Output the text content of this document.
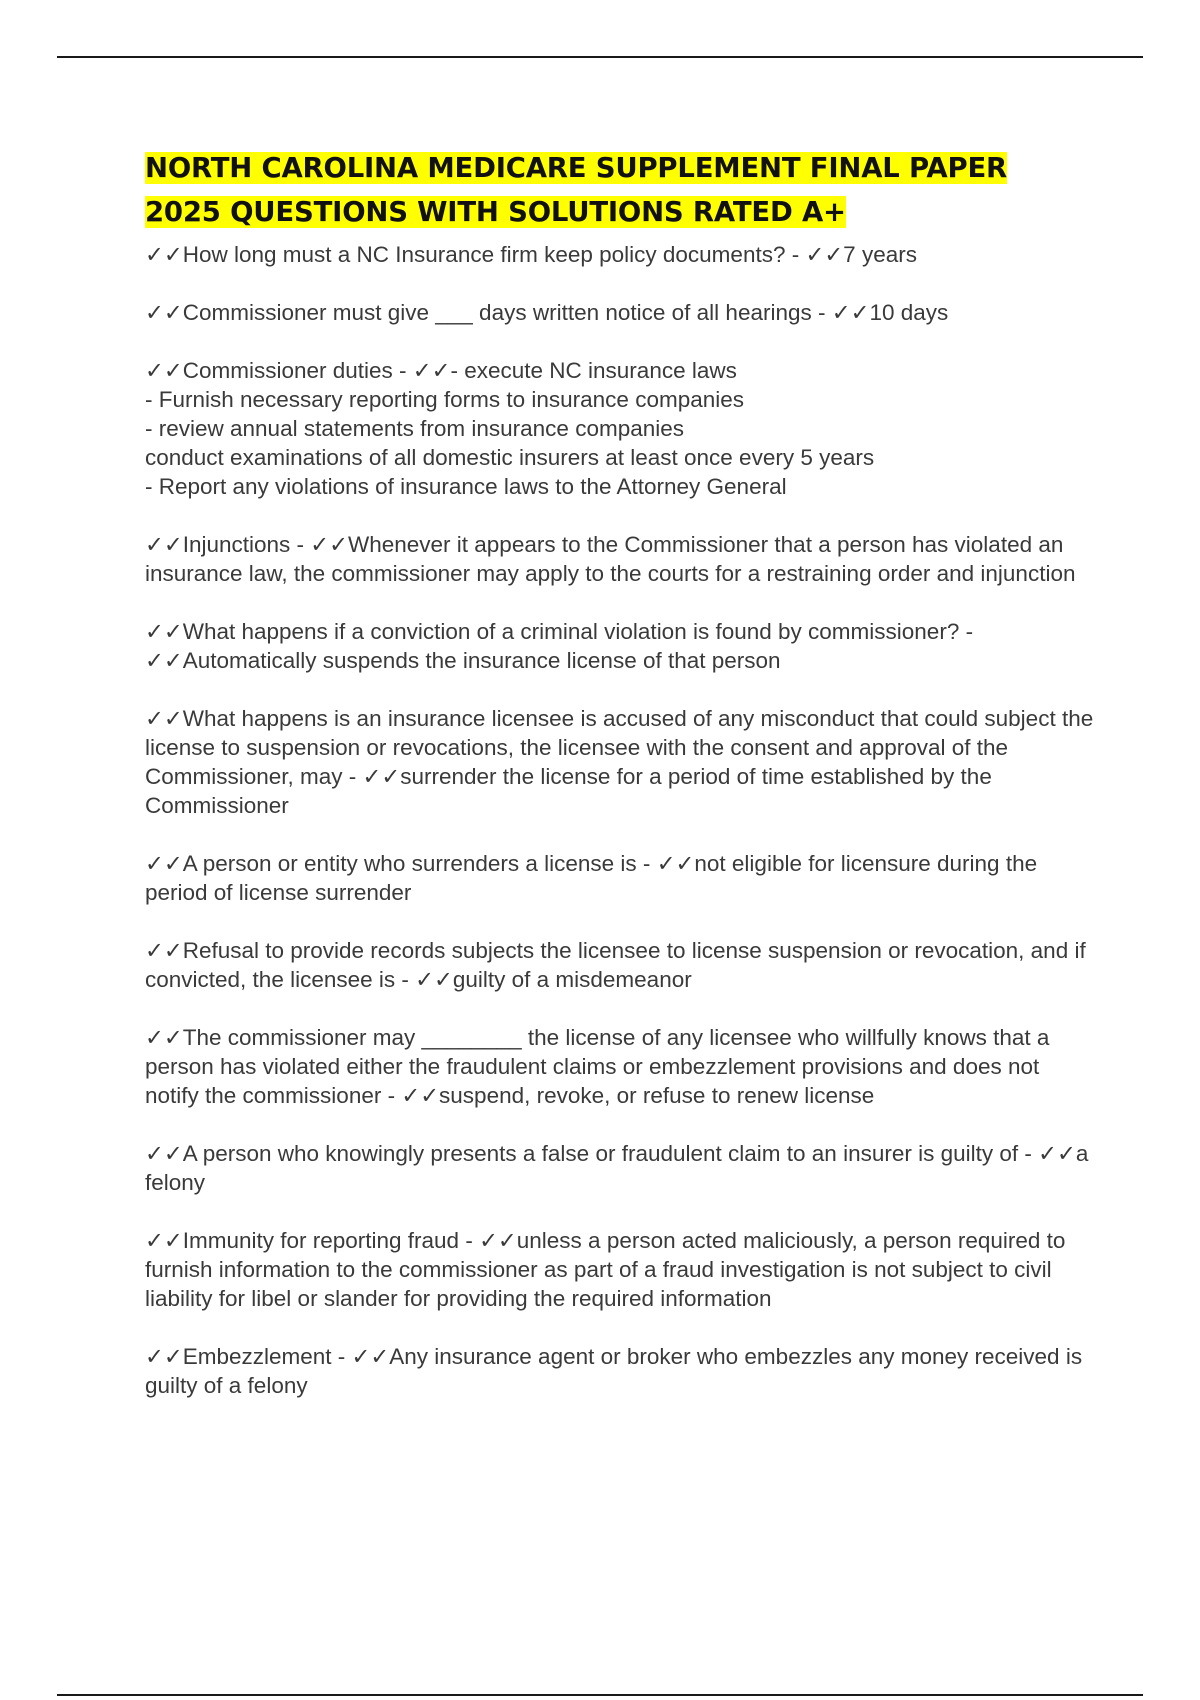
NORTH CAROLINA MEDICARE SUPPLEMENT FINAL PAPER
2025 QUESTIONS WITH SOLUTIONS RATED A+
✓✓How long must a NC Insurance firm keep policy documents? - ✓✓7 years
✓✓Commissioner must give ___ days written notice of all hearings - ✓✓10 days
✓✓Commissioner duties - ✓✓- execute NC insurance laws
- Furnish necessary reporting forms to insurance companies
- review annual statements from insurance companies
conduct examinations of all domestic insurers at least once every 5 years
- Report any violations of insurance laws to the Attorney General
✓✓Injunctions - ✓✓Whenever it appears to the Commissioner that a person has violated an insurance law, the commissioner may apply to the courts for a restraining order and injunction
✓✓What happens if a conviction of a criminal violation is found by commissioner? - ✓✓Automatically suspends the insurance license of that person
✓✓What happens is an insurance licensee is accused of any misconduct that could subject the license to suspension or revocations, the licensee with the consent and approval of the Commissioner, may - ✓✓surrender the license for a period of time established by the Commissioner
✓✓A person or entity who surrenders a license is - ✓✓not eligible for licensure during the period of license surrender
✓✓Refusal to provide records subjects the licensee to license suspension or revocation, and if convicted, the licensee is - ✓✓guilty of a misdemeanor
✓✓The commissioner may ________ the license of any licensee who willfully knows that a person has violated either the fraudulent claims or embezzlement provisions and does not notify the commissioner - ✓✓suspend, revoke, or refuse to renew license
✓✓A person who knowingly presents a false or fraudulent claim to an insurer is guilty of - ✓✓a felony
✓✓Immunity for reporting fraud - ✓✓unless a person acted maliciously, a person required to furnish information to the commissioner as part of a fraud investigation is not subject to civil liability for libel or slander for providing the required information
✓✓Embezzlement - ✓✓Any insurance agent or broker who embezzles any money received is guilty of a felony
